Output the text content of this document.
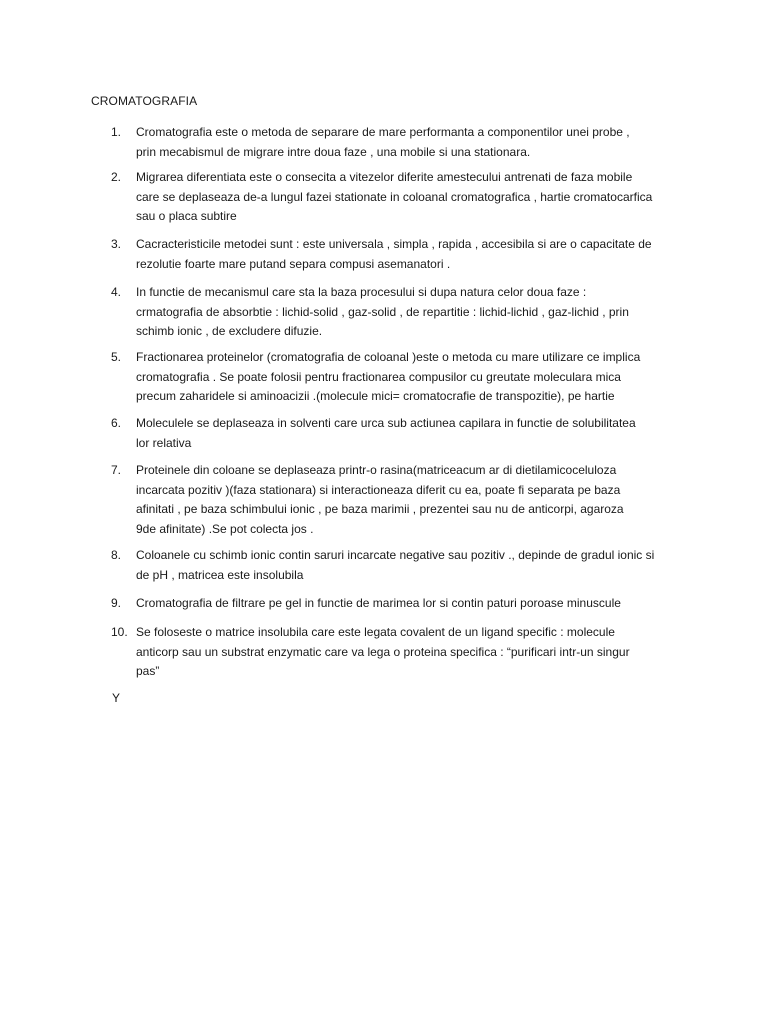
CROMATOGRAFIA
1.	Cromatografia este o metoda de separare de mare performanta a componentilor unei probe ,
prin mecabismul de migrare intre doua faze , una mobile si una stationara.
2.	Migrarea diferentiata este o consecita a vitezelor diferite amestecului antrenati de faza mobile
care se deplaseaza de-a lungul fazei stationate in coloanal cromatografica , hartie cromatocarfica
sau o placa subtire
3.	Cacracteristicile metodei sunt : este universala , simpla , rapida , accesibila si are o capacitate de
rezolutie foarte mare putand separa compusi asemanatori .
4.	In functie de mecanismul care sta la baza procesului si dupa natura celor doua faze :
crmatografia de absorbtie : lichid-solid , gaz-solid , de repartitie : lichid-lichid , gaz-lichid , prin
schimb ionic , de excludere difuzie.
5.	Fractionarea proteinelor (cromatografia de coloanal )este o metoda cu mare utilizare ce implica
cromatografia . Se poate folosii pentru fractionarea compusilor cu greutate moleculara mica
precum zaharidele si aminoacizii .(molecule mici= cromatocrafie de transpozitie), pe hartie
6.	Moleculele se deplaseaza in solventi care urca sub actiunea capilara in functie de solubilitatea
lor relativa
7.	Proteinele din coloane se deplaseaza printr-o rasina(matriceacum ar di dietilamicoceluloza
incarcata pozitiv )(faza stationara) si interactioneaza diferit cu ea, poate fi separata pe baza
afinitati , pe baza schimbului ionic , pe baza marimii , prezentei sau nu de anticorpi, agaroza
9de afinitate) .Se pot colecta jos .
8.	Coloanele cu schimb ionic contin saruri incarcate negative sau pozitiv ., depinde de gradul ionic si
de pH , matricea este insolubila
9.	Cromatografia de filtrare pe gel in functie de marimea lor si contin paturi poroase minuscule
10. Se foloseste o matrice insolubila care este legata covalent de un ligand specific : molecule
anticorp sau un substrat enzymatic care va lega o proteina specifica : “purificari intr-un singur
pas”
Y
